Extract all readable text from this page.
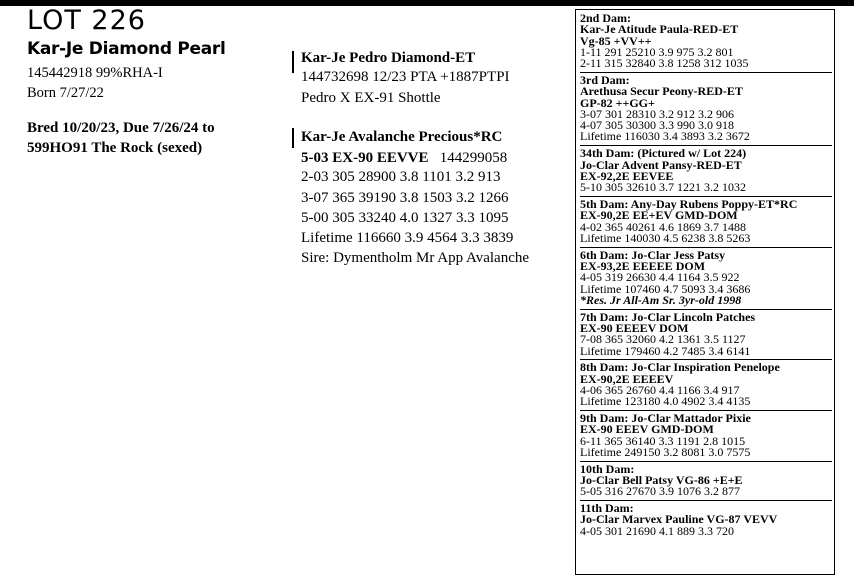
LOT 226
Kar-Je Diamond Pearl
145442918 99%RHA-I
Born 7/27/22
Bred 10/20/23, Due 7/26/24 to
599HO91 The Rock (sexed)
Kar-Je Pedro Diamond-ET
144732698 12/23 PTA +1887PTPI
Pedro X EX-91 Shottle
Kar-Je Avalanche Precious*RC
5-03 EX-90 EEVVE 144299058
2-03 305 28900 3.8 1101 3.2 913
3-07 365 39190 3.8 1503 3.2 1266
5-00 305 33240 4.0 1327 3.3 1095
Lifetime 116660 3.9 4564 3.3 3839
Sire: Dymentholm Mr App Avalanche
2nd Dam:
Kar-Je Atitude Paula-RED-ET
Vg-85 +VV++
1-11 291 25210 3.9 975 3.2 801
2-11 315 32840 3.8 1258 312 1035
3rd Dam:
Arethusa Secur Peony-RED-ET
GP-82 ++GG+
3-07 301 28310 3.2 912 3.2 906
4-07 305 30300 3.3 990 3.0 918
Lifetime 116030 3.4 3893 3.2 3672
34th Dam: (Pictured w/ Lot 224)
Jo-Clar Advent Pansy-RED-ET
EX-92,2E EEVEE
5-10 305 32610 3.7 1221 3.2 1032
5th Dam: Any-Day Rubens Poppy-ET*RC
EX-90,2E EE+EV GMD-DOM
4-02 365 40261 4.6 1869 3.7 1488
Lifetime 140030 4.5 6238 3.8 5263
6th Dam: Jo-Clar Jess Patsy
EX-93,2E EEEEE DOM
4-05 319 26630 4.4 1164 3.5 922
Lifetime 107460 4.7 5093 3.4 3686
*Res. Jr All-Am Sr. 3yr-old 1998
7th Dam: Jo-Clar Lincoln Patches
EX-90 EEEEV DOM
7-08 365 32060 4.2 1361 3.5 1127
Lifetime 179460 4.2 7485 3.4 6141
8th Dam: Jo-Clar Inspiration Penelope
EX-90,2E EEEEV
4-06 365 26760 4.4 1166 3.4 917
Lifetime 123180 4.0 4902 3.4 4135
9th Dam: Jo-Clar Mattador Pixie
EX-90 EEEV GMD-DOM
6-11 365 36140 3.3 1191 2.8 1015
Lifetime 249150 3.2 8081 3.0 7575
10th Dam:
Jo-Clar Bell Patsy VG-86 +E+E
5-05 316 27670 3.9 1076 3.2 877
11th Dam:
Jo-Clar Marvex Pauline VG-87 VEVV
4-05 301 21690 4.1 889 3.3 720
